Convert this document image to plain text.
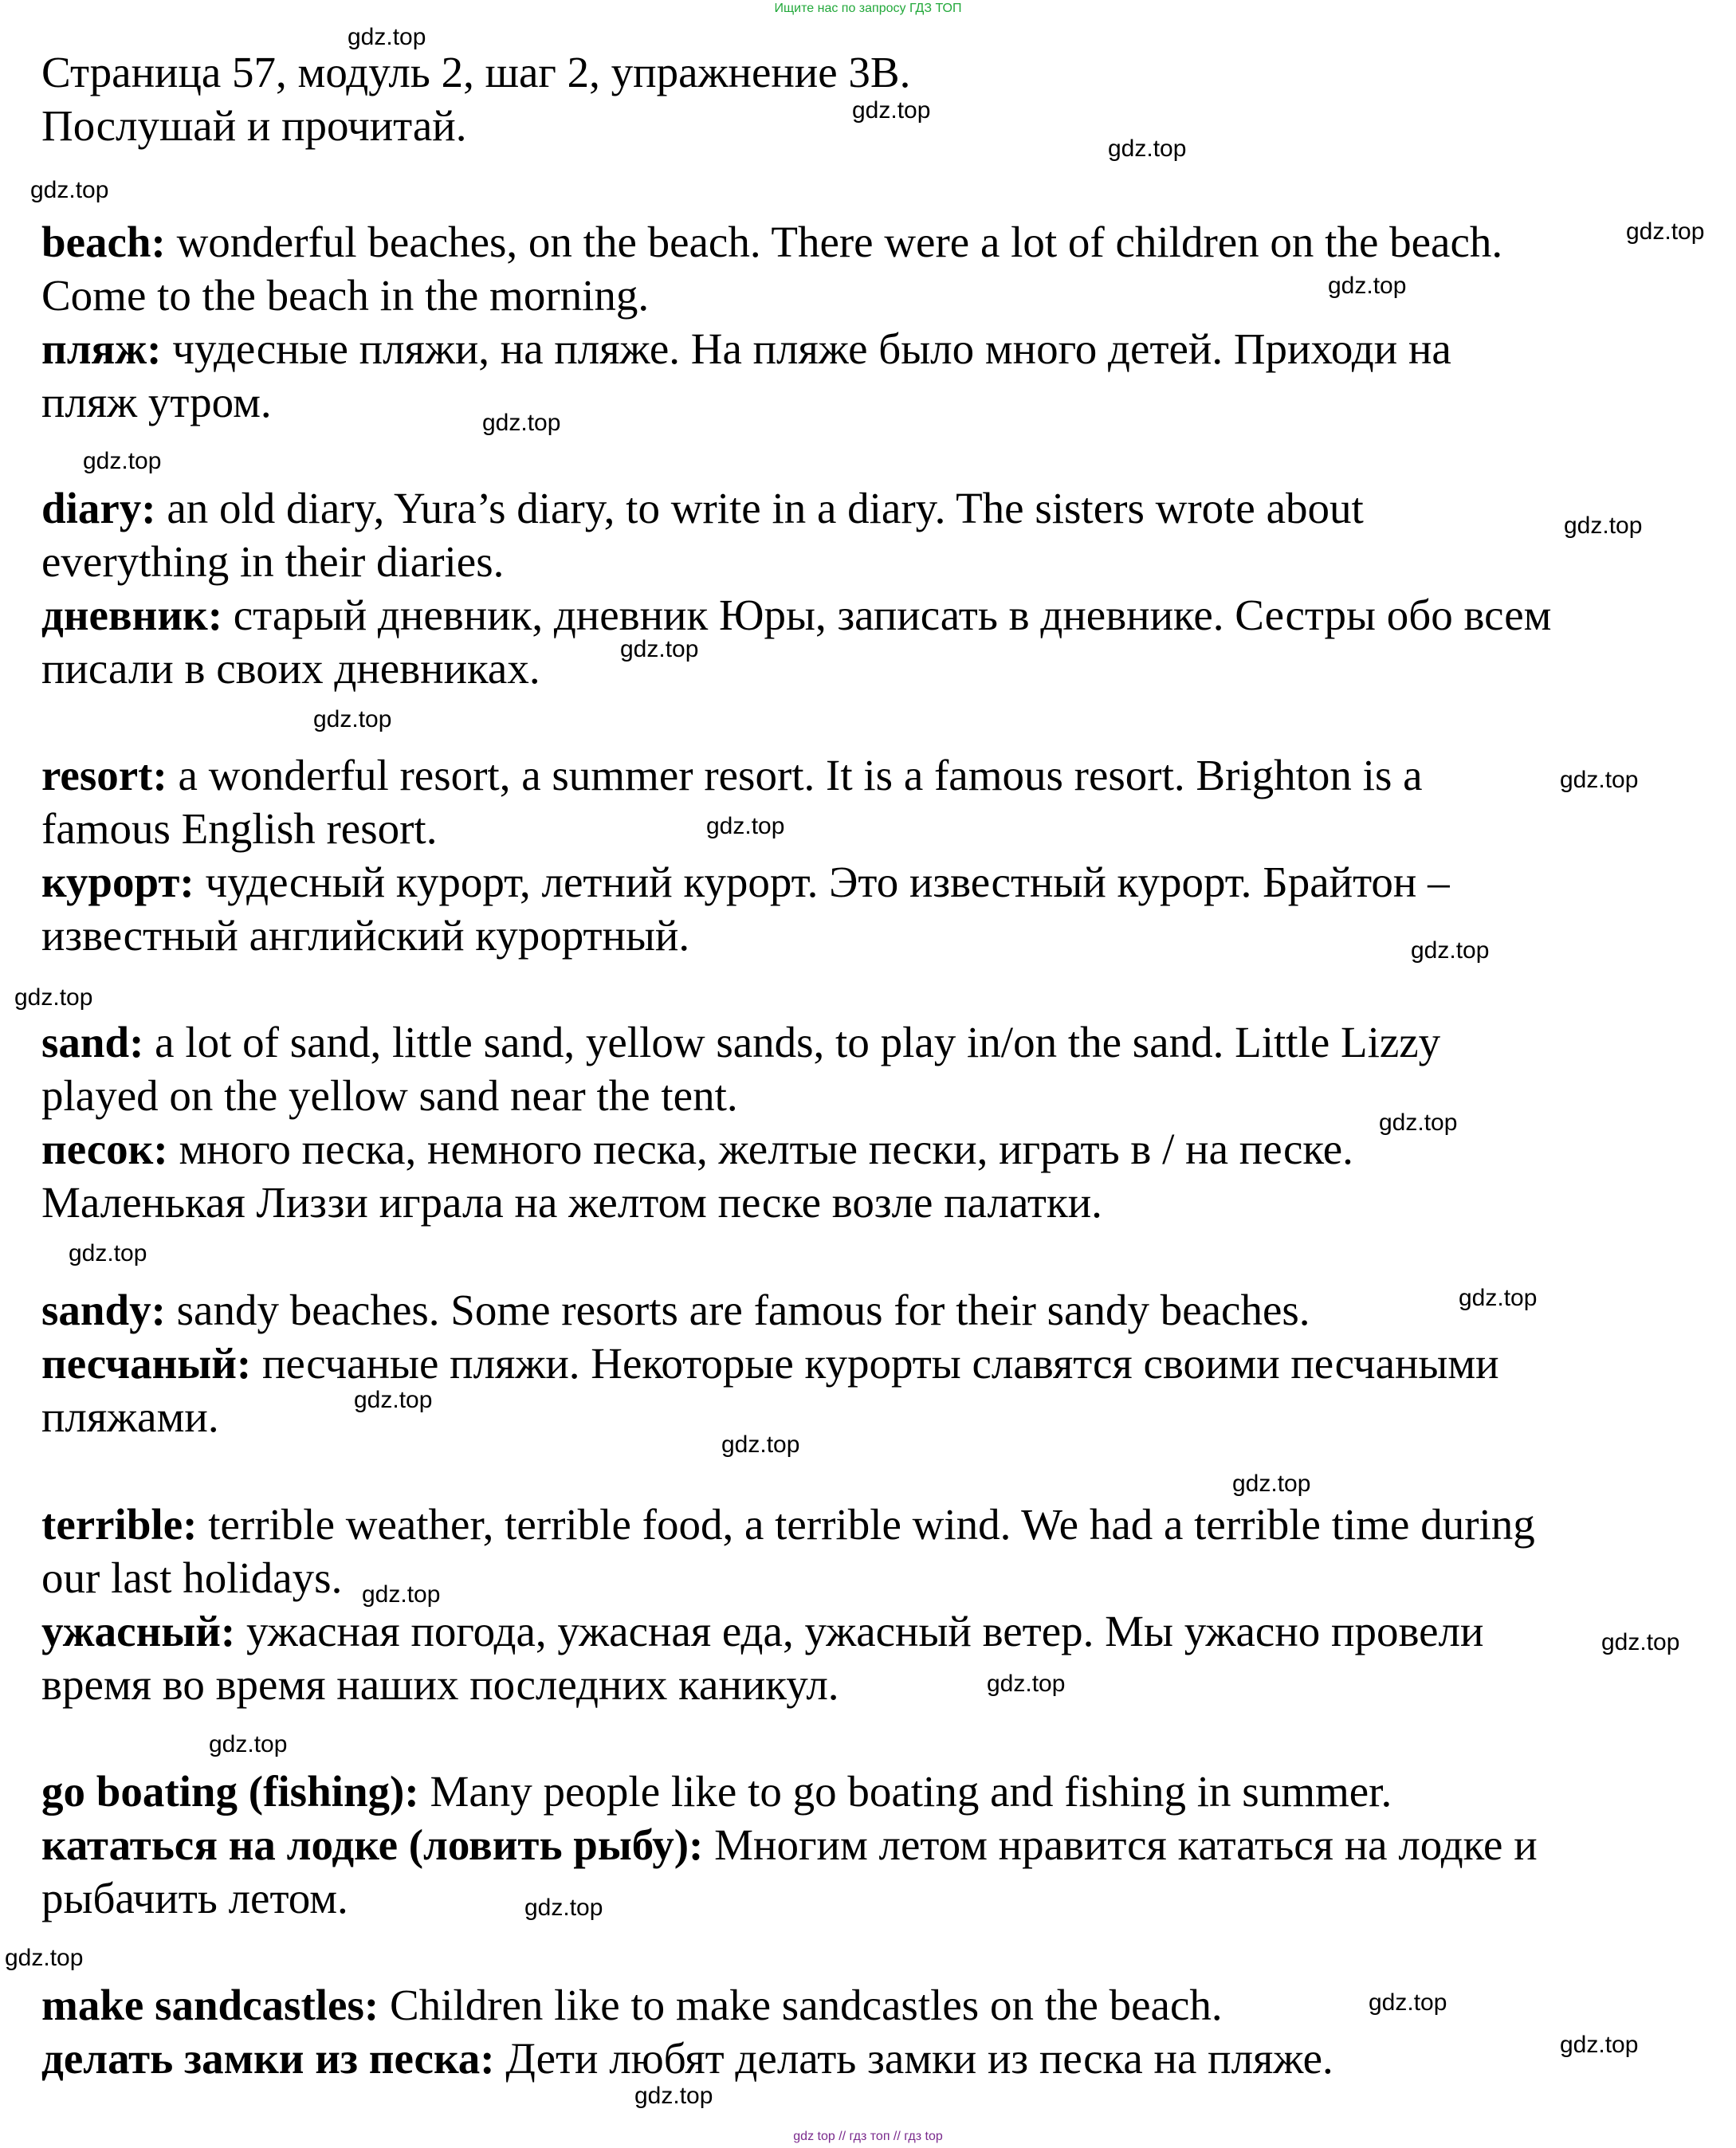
Ищите нас по запросу ГДЗ ТОП
gdz top // гдз топ // гдз top
Страница 57, модуль 2, шаг 2, упражнение 3В.
Послушай и прочитай.
beach: wonderful beaches, on the beach. There were a lot of children on the beach.
Come to the beach in the morning.
пляж: чудесные пляжи, на пляже. На пляже было много детей. Приходи на
пляж утром.
diary: an old diary, Yura’s diary, to write in a diary. The sisters wrote about
everything in their diaries.
дневник: старый дневник, дневник Юры, записать в дневнике. Сестры обо всем
писали в своих дневниках.
resort: a wonderful resort, a summer resort. It is a famous resort. Brighton is a
famous English resort.
курорт: чудесный курорт, летний курорт. Это известный курорт. Брайтон –
известный английский курортный.
sand: a lot of sand, little sand, yellow sands, to play in/on the sand. Little Lizzy
played on the yellow sand near the tent.
песок: много песка, немного песка, желтые пески, играть в / на песке.
Маленькая Лиззи играла на желтом песке возле палатки.
sandy: sandy beaches. Some resorts are famous for their sandy beaches.
песчаный: песчаные пляжи. Некоторые курорты славятся своими песчаными
пляжами.
terrible: terrible weather, terrible food, a terrible wind. We had a terrible time during
our last holidays.
ужасный: ужасная погода, ужасная еда, ужасный ветер. Мы ужасно провели
время во время наших последних каникул.
go boating (fishing): Many people like to go boating and fishing in summer.
кататься на лодке (ловить рыбу): Многим летом нравится кататься на лодке и
рыбачить летом.
make sandcastles: Children like to make sandcastles on the beach.
делать замки из песка: Дети любят делать замки из песка на пляже.
gdz.top
gdz.top
gdz.top
gdz.top
gdz.top
gdz.top
gdz.top
gdz.top
gdz.top
gdz.top
gdz.top
gdz.top
gdz.top
gdz.top
gdz.top
gdz.top
gdz.top
gdz.top
gdz.top
gdz.top
gdz.top
gdz.top
gdz.top
gdz.top
gdz.top
gdz.top
gdz.top
gdz.top
gdz.top
gdz.top
